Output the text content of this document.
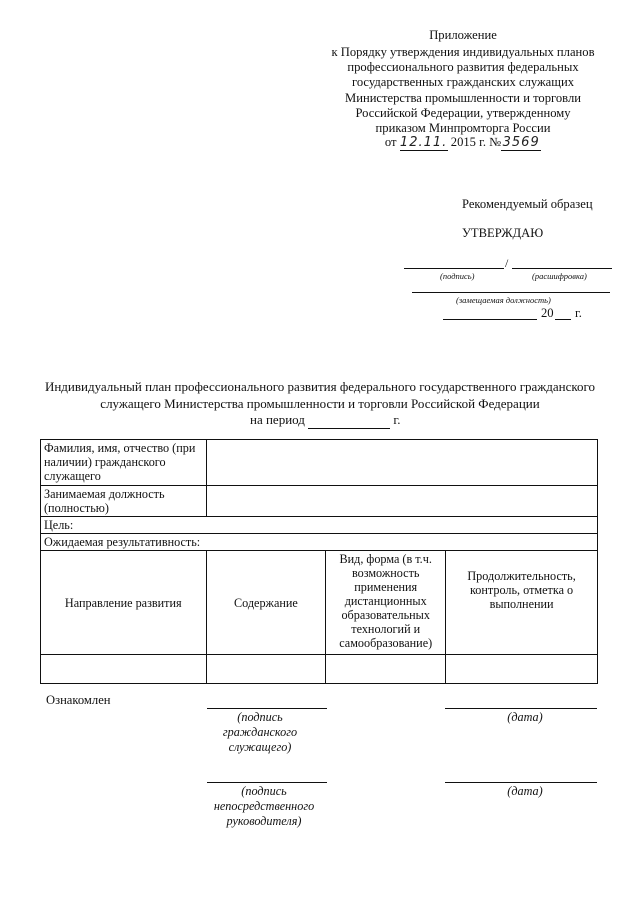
Приложение
к Порядку утверждения индивидуальных планов
профессионального развития федеральных
государственных гражданских служащих
Министерства промышленности и торговли
Российской Федерации, утвержденному
приказом Минпромторга России
от 12.11. 2015 г. №3569
Рекомендуемый образец
УТВЕРЖДАЮ
/
(подпись)	(расшифровка)
(замещаемая должность)
20 г.
Индивидуальный план профессионального развития федерального государственного гражданского
служащего Министерства промышленности и торговли Российской Федерации
на период	г.
Фамилия, имя, отчество (при наличии) гражданского служащего			
Занимаемая должность (полностью)			
Цель:			
Ожидаемая результативность:			
Направление развития	Содержание	Вид, форма (в т.ч. возможность применения дистанционных образовательных технологий и самообразование)	Продолжительность, контроль, отметка о выполнении

Ознакомлен
(подпись гражданского служащего)
(дата)
(подпись непосредственного руководителя)
(дата)
